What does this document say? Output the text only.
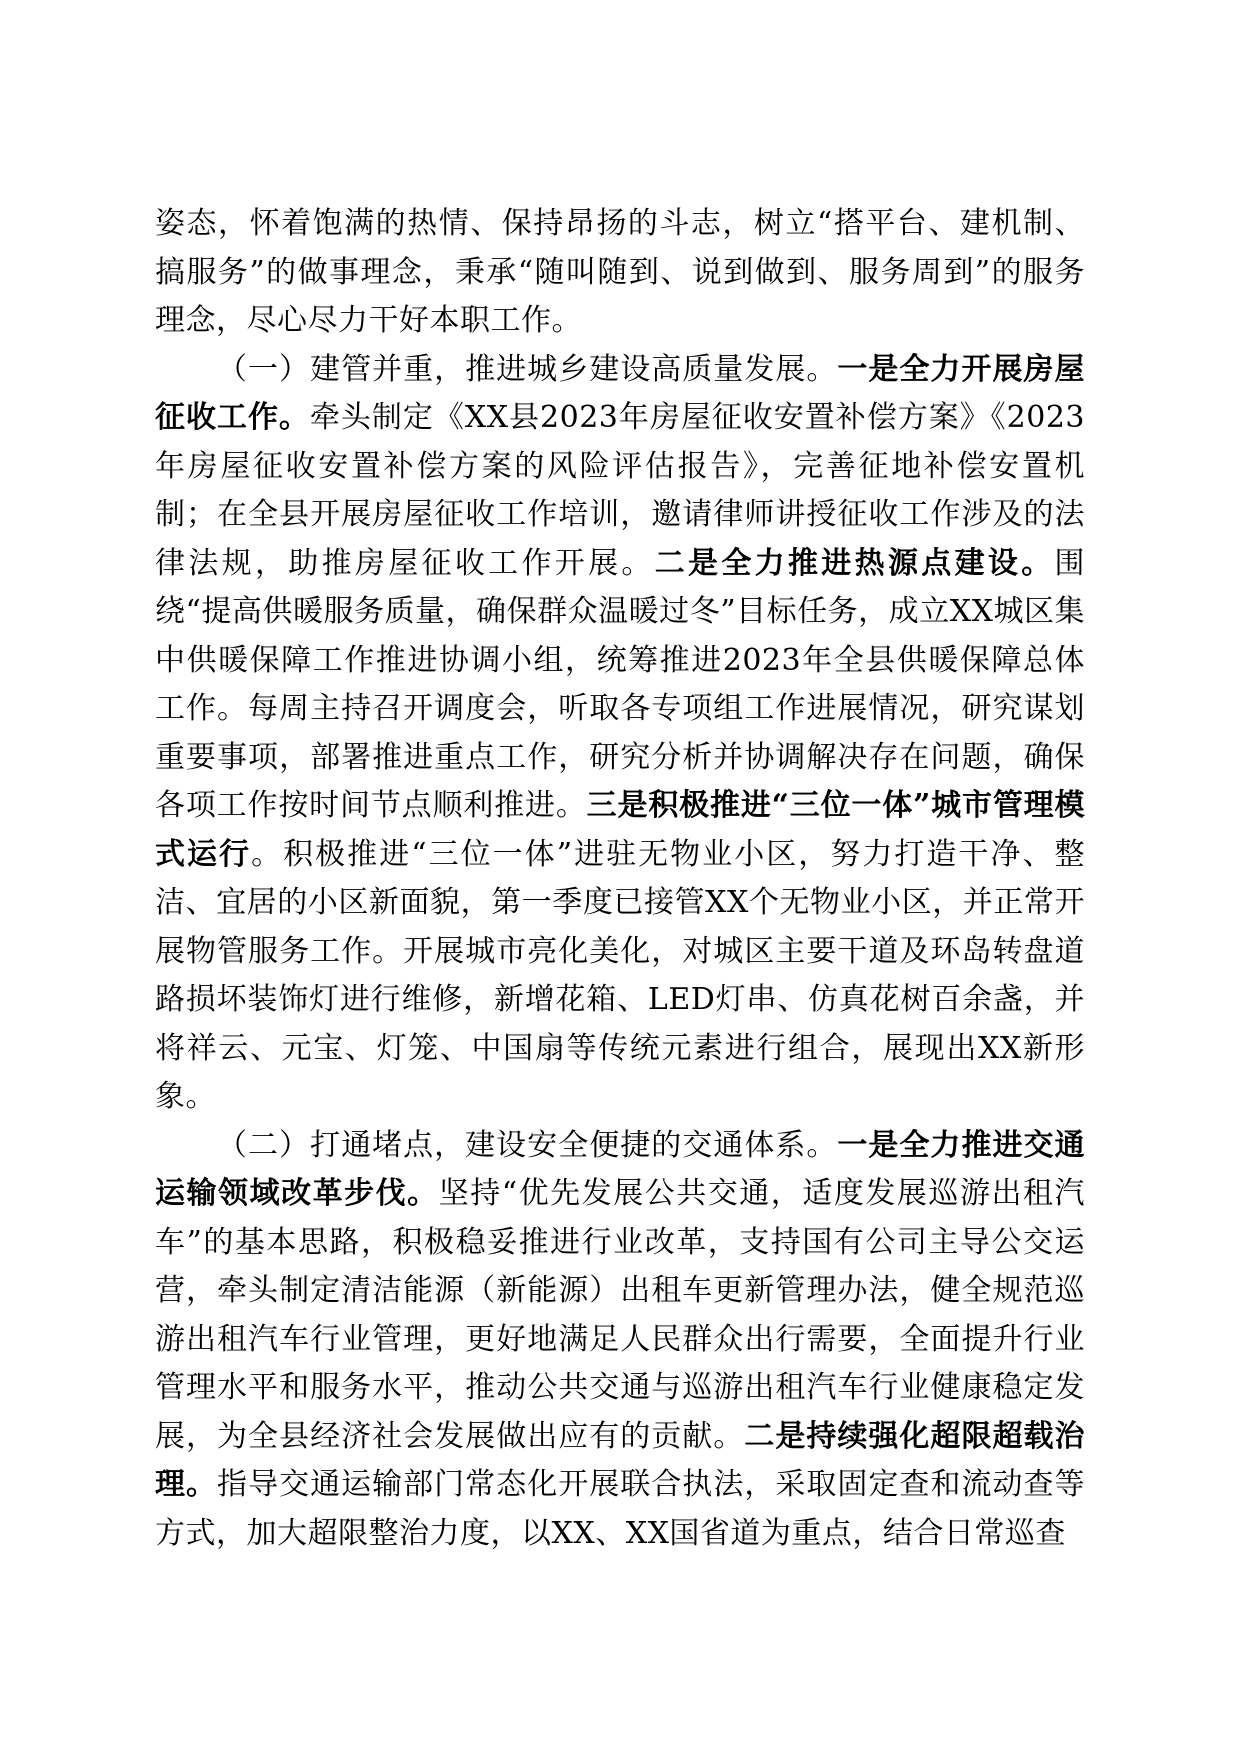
姿态，怀着饱满的热情、保持昂扬的斗志，树立“搭平台、建机制、搞服务”的做事理念，秉承“随叫随到、说到做到、服务周到”的服务理念，尽心尽力干好本职工作。

（一）建管并重，推进城乡建设高质量发展。一是全力开展房屋征收工作。牵头制定《XX县2023年房屋征收安置补偿方案》《2023年房屋征收安置补偿方案的风险评估报告》，完善征地补偿安置机制；在全县开展房屋征收工作培训，邀请律师讲授征收工作涉及的法律法规，助推房屋征收工作开展。二是全力推进热源点建设。围绕“提高供暖服务质量，确保群众温暖过冬”目标任务，成立XX城区集中供暖保障工作推进协调小组，统筹推进2023年全县供暖保障总体工作。每周主持召开调度会，听取各专项组工作进展情况，研究谋划重要事项，部署推进重点工作，研究分析并协调解决存在问题，确保各项工作按时间节点顺利推进。三是积极推进“三位一体”城市管理模式运行。积极推进“三位一体”进驻无物业小区，努力打造干净、整洁、宜居的小区新面貌，第一季度已接管XX个无物业小区，并正常开展物管服务工作。开展城市亮化美化，对城区主要干道及环岛转盘道路损坏装饰灯进行维修，新增花箱、LED灯串、仿真花树百余盏，并将祥云、元宝、灯笼、中国扇等传统元素进行组合，展现出XX新形象。

（二）打通堵点，建设安全便捷的交通体系。一是全力推进交通运输领域改革步伐。坚持“优先发展公共交通，适度发展巡游出租汽车”的基本思路，积极稳妥推进行业改革，支持国有公司主导公交运营，牵头制定清洁能源（新能源）出租车更新管理办法，健全规范巡游出租汽车行业管理，更好地满足人民群众出行需要，全面提升行业管理水平和服务水平，推动公共交通与巡游出租汽车行业健康稳定发展，为全县经济社会发展做出应有的贡献。二是持续强化超限超载治理。指导交通运输部门常态化开展联合执法，采取固定查和流动查等方式，加大超限整治力度，以XX、XX国省道为重点，结合日常巡查
